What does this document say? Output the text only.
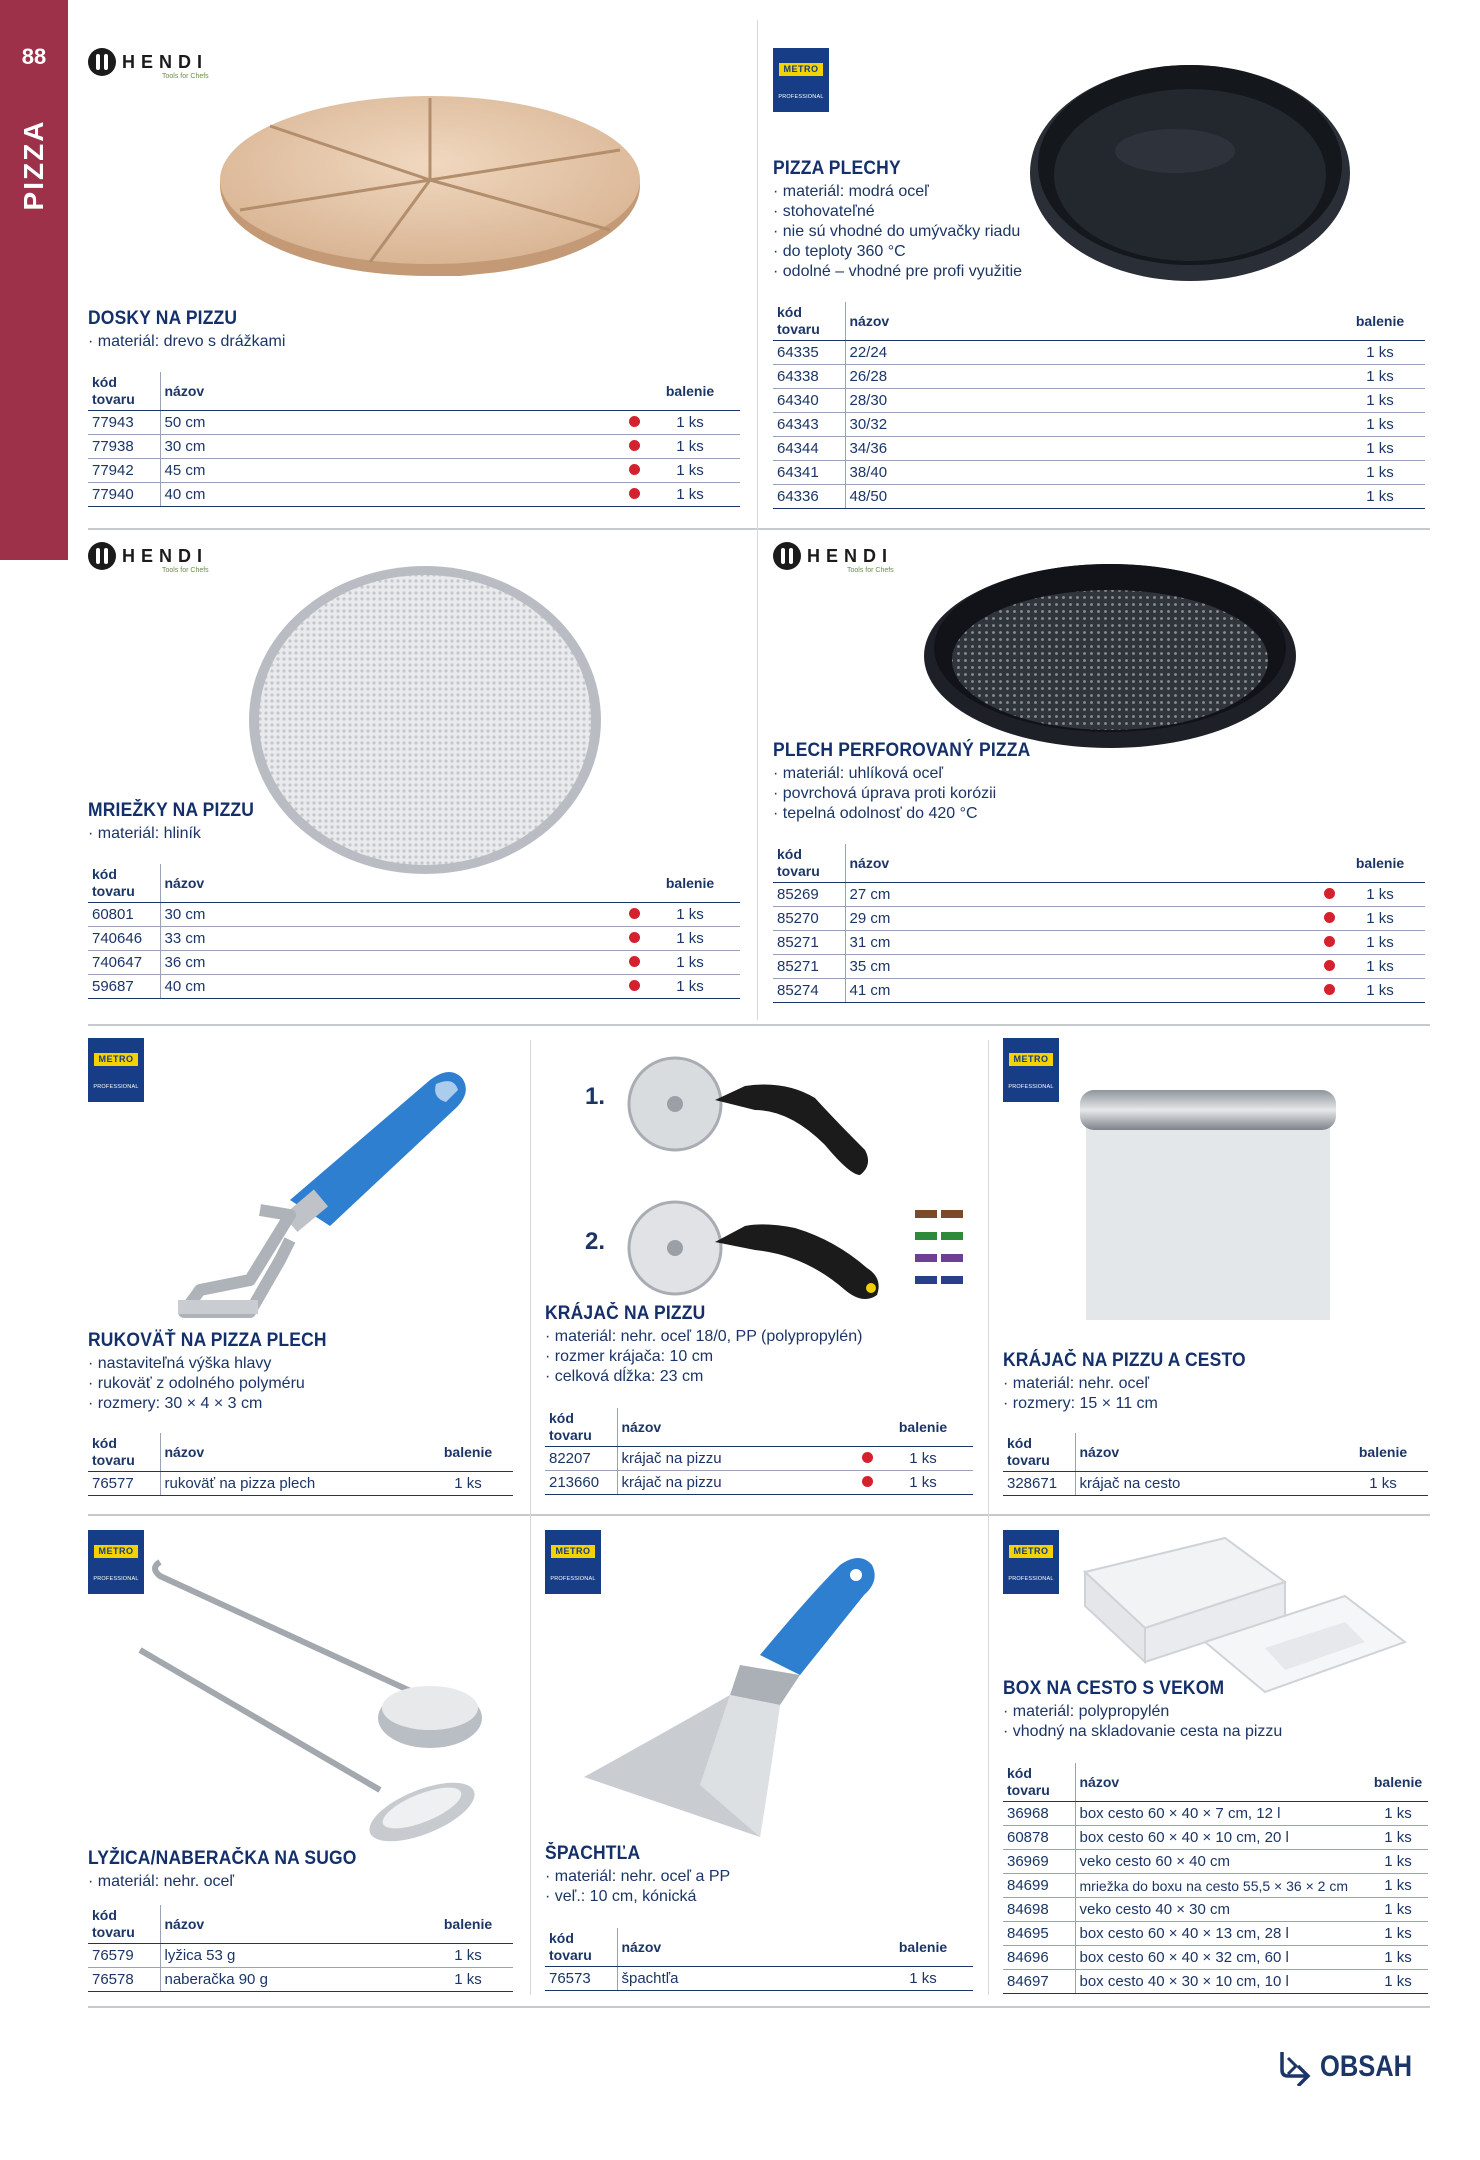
88
PIZZA
HENDI
Tools for Chefs
DOSKY NA PIZZU
· materiál: drevo s drážkami
kód tovaru	názov		balenie
77943	50 cm		1 ks
77938	30 cm		1 ks
77942	45 cm		1 ks
77940	40 cm		1 ks
METRO
PROFESSIONAL
PIZZA PLECHY
· materiál: modrá oceľ
· stohovateľné
· nie sú vhodné do umývačky riadu
· do teploty 360 °C
· odolné – vhodné pre profi využitie
kód tovaru	názov	balenie
64335	22/24	1 ks
64338	26/28	1 ks
64340	28/30	1 ks
64343	30/32	1 ks
64344	34/36	1 ks
64341	38/40	1 ks
64336	48/50	1 ks
HENDI
Tools for Chefs
MRIEŽKY NA PIZZU
· materiál: hliník
kód tovaru	názov		balenie
60801	30 cm		1 ks
740646	33 cm		1 ks
740647	36 cm		1 ks
59687	40 cm		1 ks
HENDI
Tools for Chefs
PLECH PERFOROVANÝ PIZZA
· materiál: uhlíková oceľ
· povrchová úprava proti korózii
· tepelná odolnosť do 420 °C
kód tovaru	názov		balenie
85269	27 cm		1 ks
85270	29 cm		1 ks
85271	31 cm		1 ks
85271	35 cm		1 ks
85274	41 cm		1 ks
METRO
PROFESSIONAL
RUKOVÄŤ NA PIZZA PLECH
· nastaviteľná výška hlavy
· rukoväť z odolného polyméru
· rozmery: 30 × 4 × 3 cm
kód tovaru	názov	balenie
76577	rukoväť na pizza plech	1 ks
1.
2.
KRÁJAČ NA PIZZU
· materiál: nehr. oceľ 18/0, PP (polypropylén)
· rozmer krájača: 10 cm
· celková dĺžka: 23 cm
kód tovaru	názov		balenie
82207	krájač na pizzu		1 ks
213660	krájač na pizzu		1 ks
METRO
PROFESSIONAL
KRÁJAČ NA PIZZU A CESTO
· materiál: nehr. oceľ
· rozmery: 15 × 11 cm
kód tovaru	názov	balenie
328671	krájač na cesto	1 ks
METRO
PROFESSIONAL
LYŽICA/NABERAČKA NA SUGO
· materiál: nehr. oceľ
kód tovaru	názov	balenie
76579	lyžica 53 g	1 ks
76578	naberačka 90 g	1 ks
METRO
PROFESSIONAL
ŠPACHTĽA
· materiál: nehr. oceľ a PP
· veľ.: 10 cm, kónická
kód tovaru	názov	balenie
76573	špachtľa	1 ks
METRO
PROFESSIONAL
BOX NA CESTO S VEKOM
· materiál: polypropylén
· vhodný na skladovanie cesta na pizzu
kód tovaru	názov	balenie
36968	box cesto 60 × 40 × 7 cm, 12 l	1 ks
60878	box cesto 60 × 40 × 10 cm, 20 l	1 ks
36969	veko cesto 60 × 40 cm	1 ks
84699	mriežka do boxu na cesto 55,5 × 36 × 2 cm	1 ks
84698	veko cesto 40 × 30 cm	1 ks
84695	box cesto 60 × 40 × 13 cm, 28 l	1 ks
84696	box cesto 60 × 40 × 32 cm, 60 l	1 ks
84697	box cesto 40 × 30 × 10 cm, 10 l	1 ks
OBSAH
